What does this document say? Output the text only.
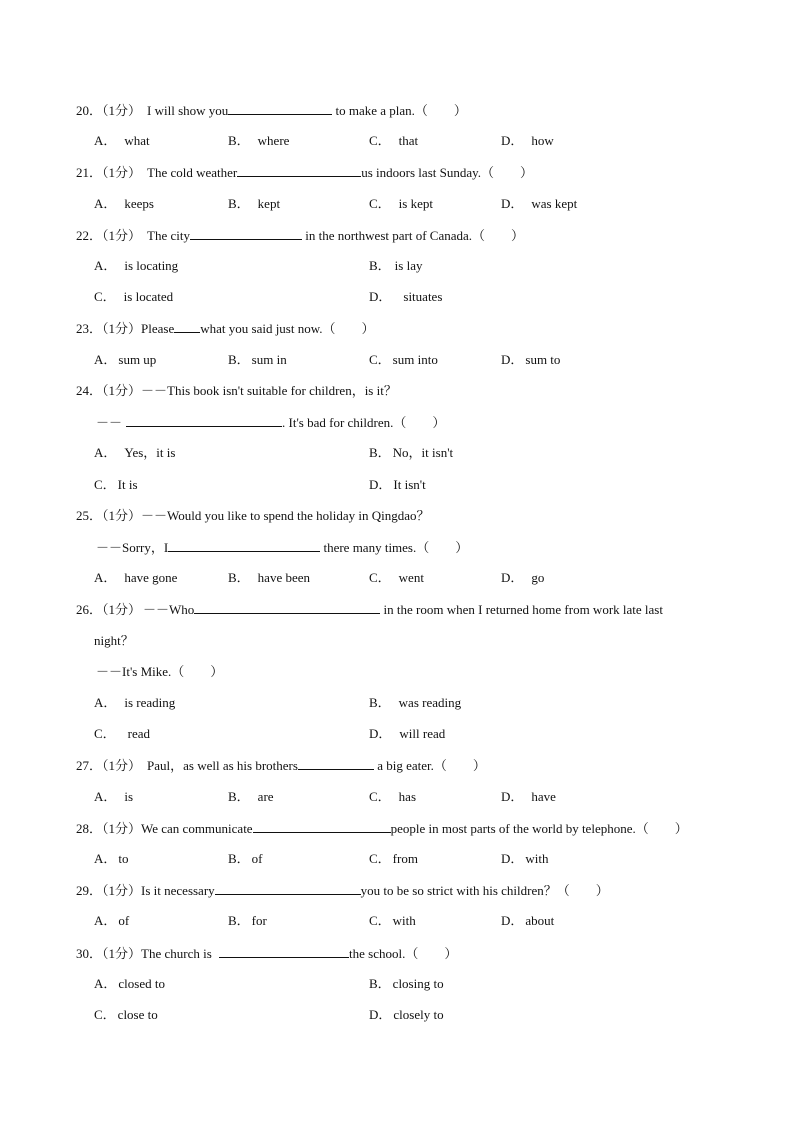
20．（1分） I will show you	to make a plan.（　　）
A． what	B． where	C． that	D． how
21．（1分） The cold weather	us indoors last Sunday.（　　）
A． keeps	B． kept	C． is kept	D． was kept
22．（1分） The city	in the northwest part of Canada.（　　）
A． is locating	B． is lay
C． is located	D． situates
23．（1分）Please what you said just now.（　　）
A． sum up	B． sum in	C． sum into	D． sum to
24．（1分）－－This book isn't suitable for children，is it？
－－	. It's bad for children.（　　）
A． Yes，it is	B． No，it isn't
C． It is	D． It isn't
25．（1分）－－Would you like to spend the holiday in Qingdao？
－－Sorry，I	there many times.（　　）
A． have gone	B． have been	C． went	D． go
26．（1分） －－Who	in the room when I returned home from work late last
night？
－－It's Mike.（　　）
A． is reading	B． was reading
C． read	D． will read
27．（1分） Paul，as well as his brothers	a big eater.（　　）
A． is	B． are	C． has	D． have
28．（1分）We can communicate	people in most parts of the world by telephone.（　　）
A． to	B． of	C． from	D． with
29．（1分）Is it necessary	you to be so strict with his children？（　　）
A． of	B． for	C． with	D． about
30．（1分）The church is	the school.（　　）
A． closed to	B． closing to
C． close to	D． closely to
